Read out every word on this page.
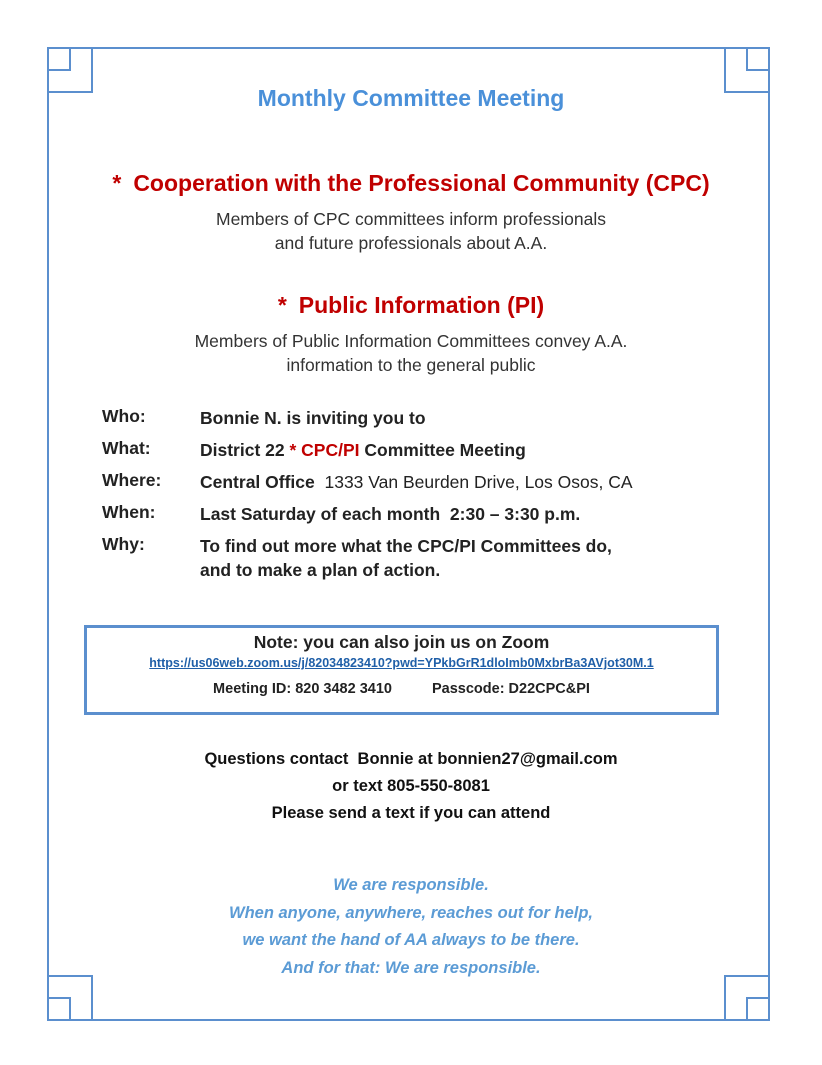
Monthly Committee Meeting
* Cooperation with the Professional Community (CPC)
Members of CPC committees inform professionals
and future professionals about A.A.
* Public Information (PI)
Members of Public Information Committees convey A.A.
information to the general public
Who:	Bonnie N. is inviting you to
What:	District 22 * CPC/PI Committee Meeting
Where: Central Office 1333 Van Beurden Drive, Los Osos, CA
When:	Last Saturday of each month  2:30 – 3:30 p.m.
Why:	To find out more what the CPC/PI Committees do,
and to make a plan of action.
Note: you can also join us on Zoom
https://us06web.zoom.us/j/82034823410?pwd=YPkbGrR1dloImb0MxbrBa3AVjot30M.1
Meeting ID: 820 3482 3410	Passcode: D22CPC&PI
Questions contact  Bonnie at bonnien27@gmail.com
or text 805-550-8081
Please send a text if you can attend
We are responsible.
When anyone, anywhere, reaches out for help,
we want the hand of AA always to be there.
And for that: We are responsible.
